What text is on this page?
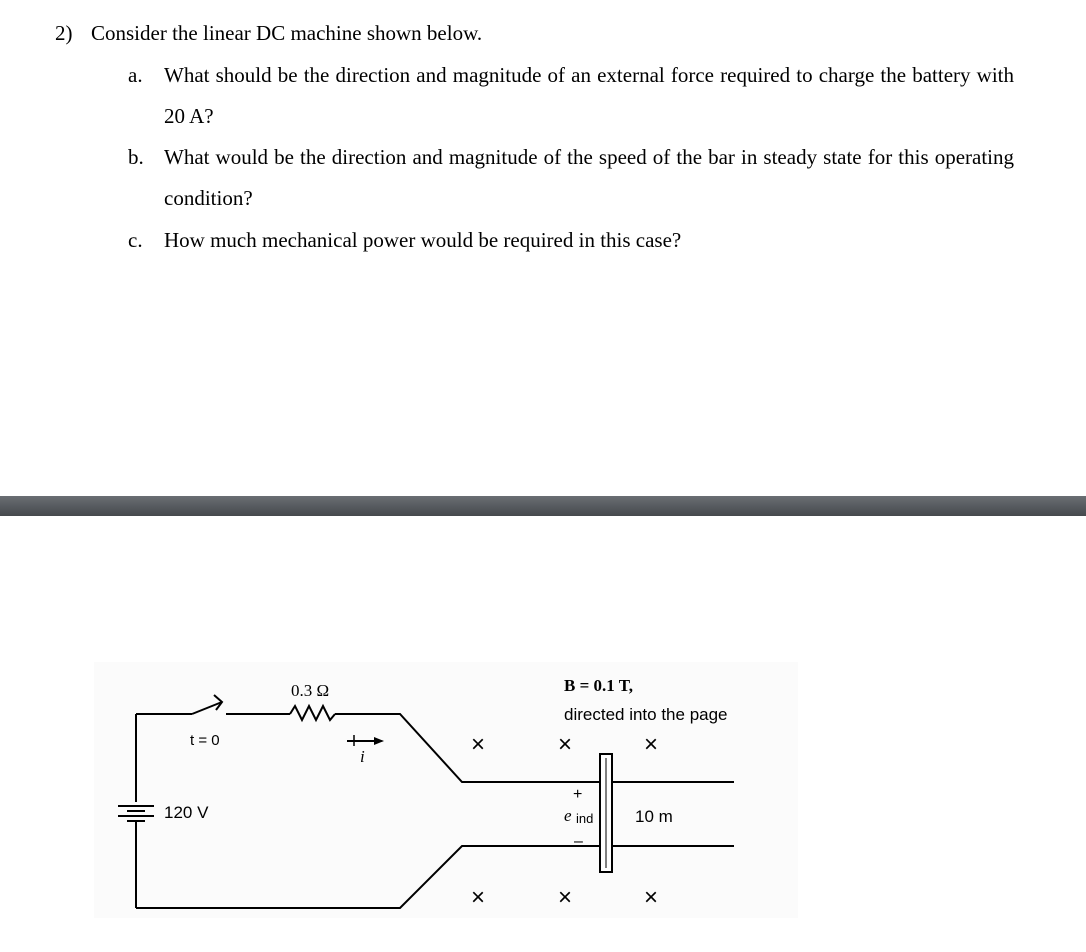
2) Consider the linear DC machine shown below.
a. What should be the direction and magnitude of an external force required to charge the battery with 20 A?
b. What would be the direction and magnitude of the speed of the bar in steady state for this operating condition?
c. How much mechanical power would be required in this case?
0.3 Ω
t = 0
i
120 V
B = 0.1 T,
directed into the page
+
e ind
–
10 m
×	×	×
×	×	×
